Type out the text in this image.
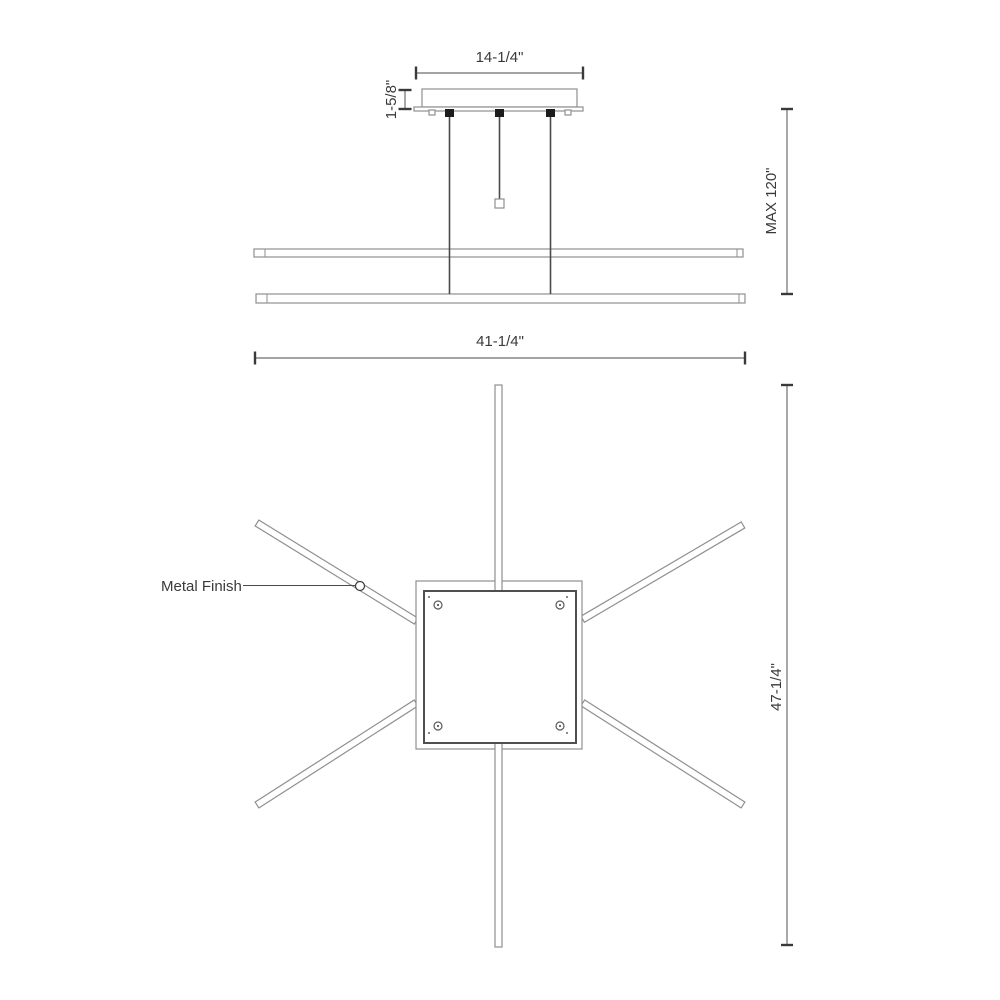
14-1/4"
1-5/8"
MAX 120"
41-1/4"
Metal Finish
47-1/4"
